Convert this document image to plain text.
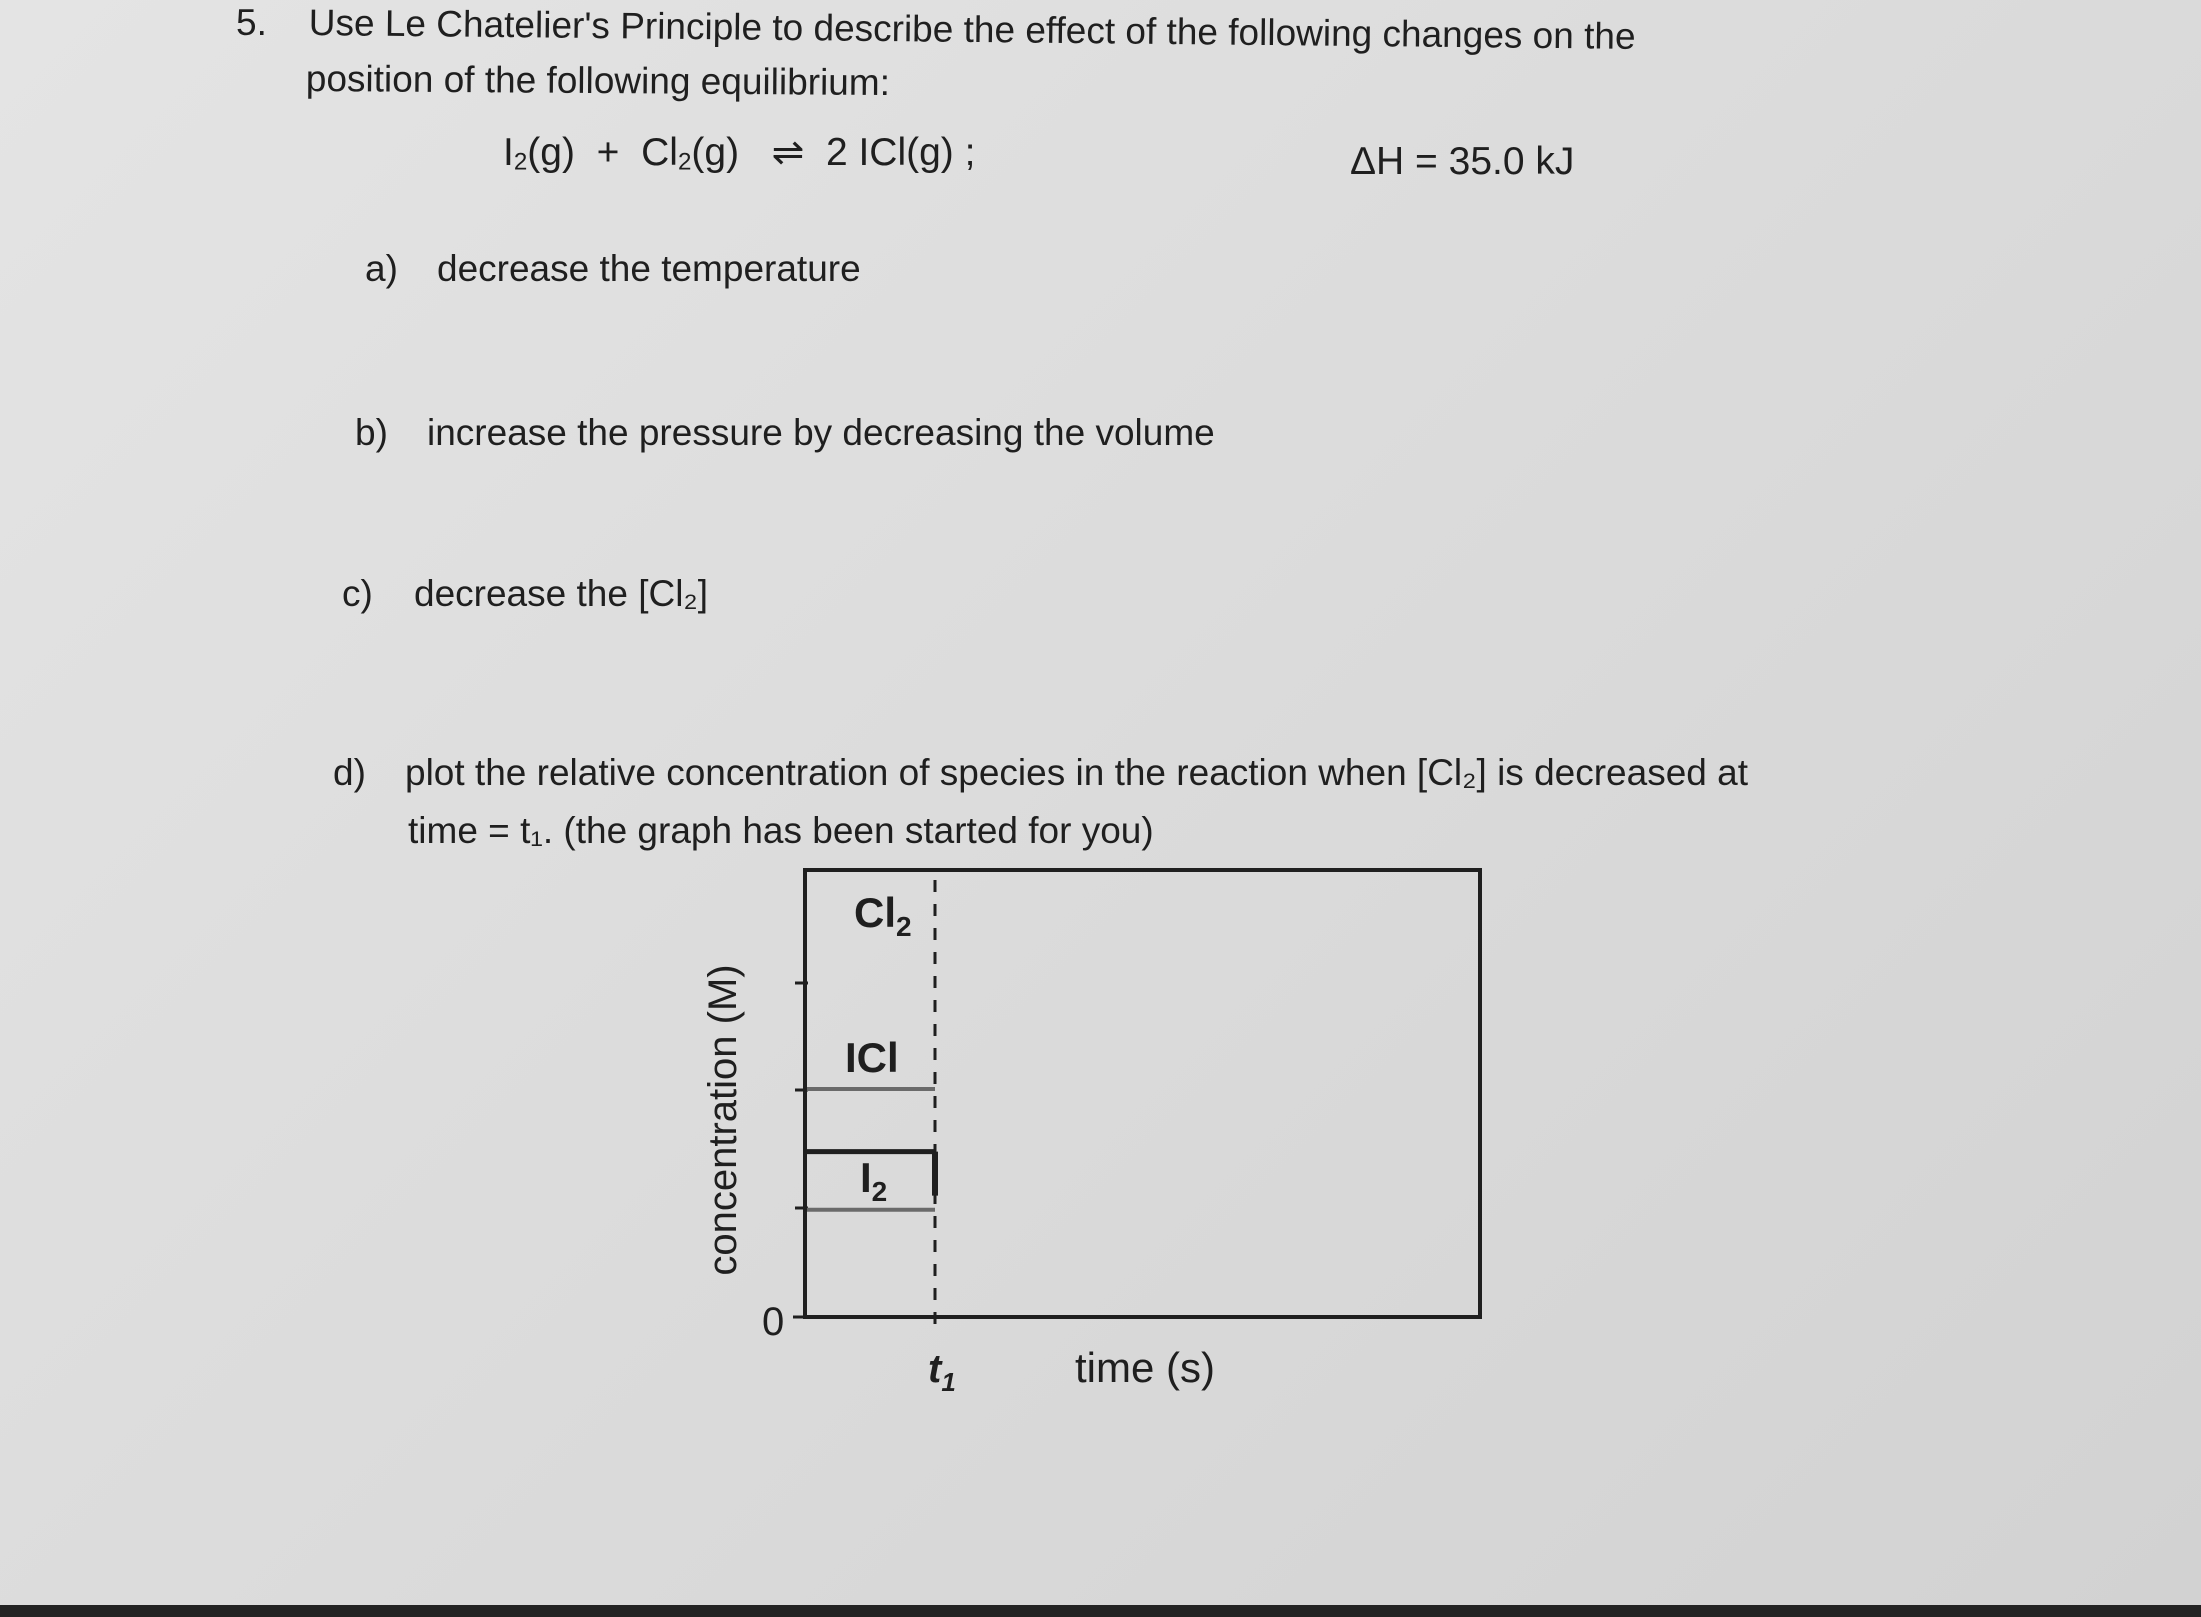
5. Use Le Chatelier's Principle to describe the effect of the following changes on the
position of the following equilibrium:
$I_2(g) + Cl_2(g)$ ⇌ 2 ICl(g) ;	ΔH = 35.0 kJ
a) decrease the temperature
b) increase the pressure by decreasing the volume
c) decrease the [Cl₂]
d) plot the relative concentration of species in the reaction when [Cl₂] is decreased at
time = t₁. (the graph has been started for you)
$Cl_2$
ICl
$I_2$
0
concentration (M)
$t_1$	time (s)
